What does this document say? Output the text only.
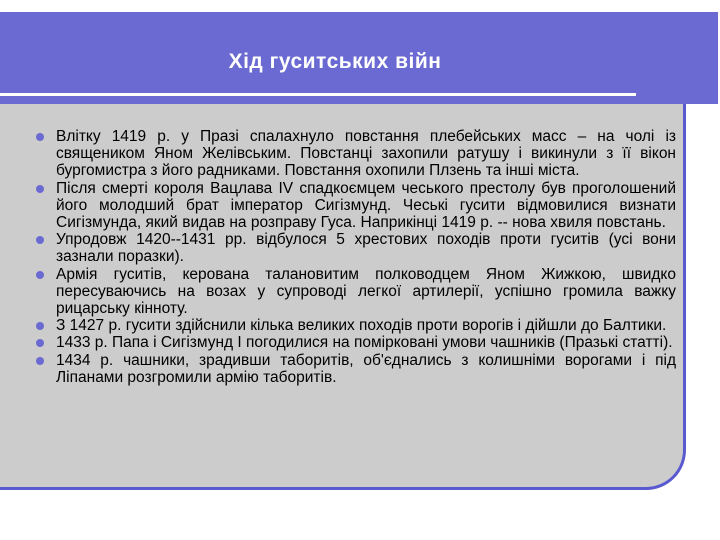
Хід гуситських війн
Влітку 1419 р. у Празі спалахнуло повстання плебейських масс – на чолі із священиком Яном Желівським. Повстанці захопили ратушу і викинули з її вікон бургомистра з його радниками. Повстання охопили Плзень та інші міста.
Після смерті короля Вацлава IV спадкоємцем чеського престолу був проголошений його молодший брат імператор Сигізмунд. Чеські гусити відмовилися визнати Сигізмунда, який видав на розправу Гуса. Наприкінці 1419 р. -- нова хвиля повстань.
Упродовж 1420--1431 рр. відбулося 5 хрестових походів проти гуситів (усі вони зазнали поразки).
Армія гуситів, керована талановитим полководцем Яном Жижкою, швидко пересуваючись на возах у супроводі легкої артилерії, успішно громила важку рицарську кінноту.
З 1427 р. гусити здійснили кілька великих походів проти ворогів і дійшли до Балтики.
1433 р. Папа і Сигізмунд І погодилися на помірковані умови чашників (Празькі статті).
1434 р. чашники, зрадивши таборитів, об'єднались з колишніми ворогами і під Ліпанами розгромили армію таборитів.
